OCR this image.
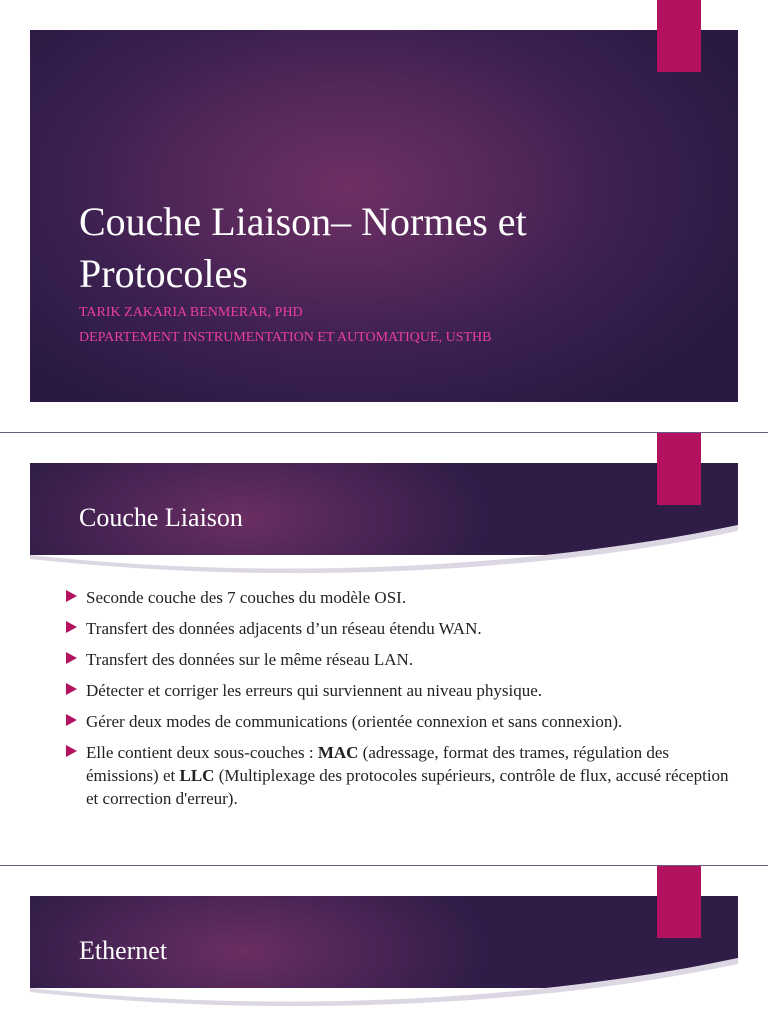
Couche Liaison– Normes et Protocoles
TARIK ZAKARIA BENMERAR, PHD
DEPARTEMENT INSTRUMENTATION ET AUTOMATIQUE, USTHB
Couche Liaison
Seconde couche des 7 couches du modèle OSI.
Transfert des données adjacents d’un réseau étendu WAN.
Transfert des données sur le même réseau LAN.
Détecter et corriger les erreurs qui surviennent au niveau physique.
Gérer deux modes de communications (orientée connexion et sans connexion).
Elle contient deux sous-couches : MAC (adressage, format des trames, régulation des émissions) et LLC (Multiplexage des protocoles supérieurs, contrôle de flux, accusé réception et correction d'erreur).
Ethernet
